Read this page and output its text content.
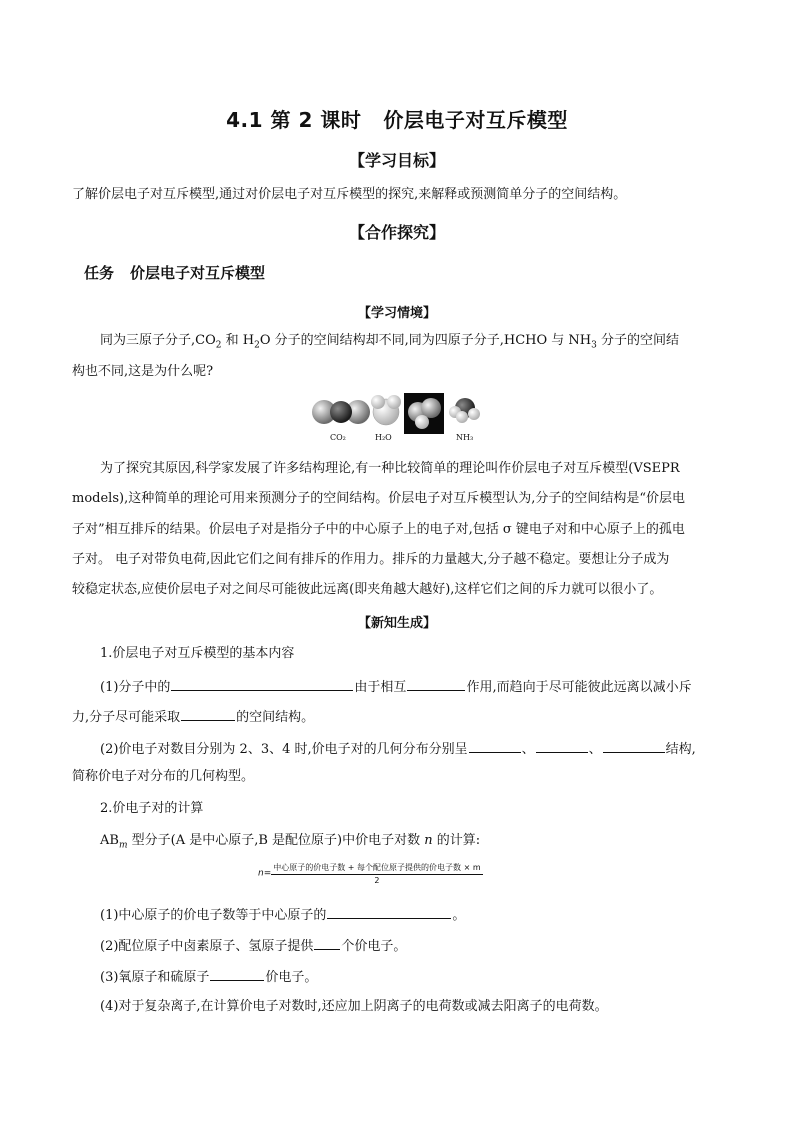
4.1 第 2 课时 价层电子对互斥模型
【学习目标】
了解价层电子对互斥模型,通过对价层电子对互斥模型的探究,来解释或预测简单分子的空间结构。
【合作探究】
任务 价层电子对互斥模型
【学习情境】
同为三原子分子$,CO_2$ 和 $H_2O$ 分子的空间结构却不同,同为四原子分子,HCHO 与 $NH_3$ 分子的空间结
构也不同,这是为什么呢?
CO₂	H₂O HCHO NH₃
为了探究其原因,科学家发展了许多结构理论,有一种比较简单的理论叫作价层电子对互斥模型(VSEPR
models),这种简单的理论可用来预测分子的空间结构。价层电子对互斥模型认为,分子的空间结构是“价层电
子对”相互排斥的结果。价层电子对是指分子中的中心原子上的电子对,包括 σ 键电子对和中心原子上的孤电
子对。 电子对带负电荷,因此它们之间有排斥的作用力。排斥的力量越大,分子越不稳定。要想让分子成为
较稳定状态,应使价层电子对之间尽可能彼此远离(即夹角越大越好),这样它们之间的斥力就可以很小了。
【新知生成】
1.价层电子对互斥模型的基本内容
(1)分子中的	由于相互	作用,而趋向于尽可能彼此远离以减小斥
力,分子尽可能采取	的空间结构。
(2)价电子对数目分别为 2、3、4 时,价电子对的几何分布分别呈	、	、	结构,
简称价电子对分布的几何构型。
2.价电子对的计算
$AB_m$ 型分子(A 是中心原子,B 是配位原子)中价电子对数 n 的计算:
$n= \frac{\text{中心原子的价电子数 + 每个配位原子提供的价电子数 × m}}{2}$
(1)中心原子的价电子数等于中心原子的	。
(2)配位原子中卤素原子、氢原子提供 个价电子。
(3)氧原子和硫原子	价电子。
(4)对于复杂离子,在计算价电子对数时,还应加上阴离子的电荷数或减去阳离子的电荷数。
